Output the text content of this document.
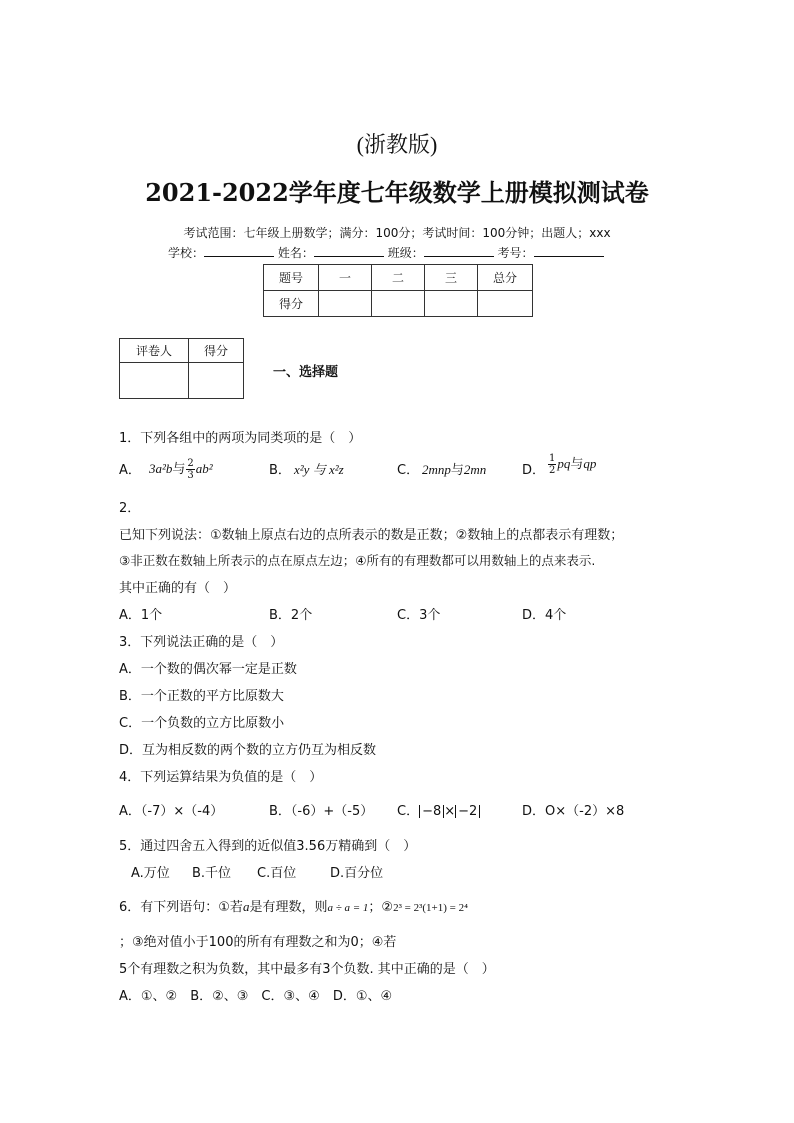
(浙教版)
2021-2022学年度七年级数学上册模拟测试卷
考试范围：七年级上册数学；满分：100分；考试时间：100分钟；出题人；xxx
学校：	姓名：	班级：	考号：
题号	一	二	三	总分
得分				
评卷人	得分

一、选择题
1．下列各组中的两项为同类项的是（　）
A． 3a²b与 $\frac{2}{3} ab^2$	B． x²y 与 x²z	C． 2mnp与2mn	D． $\frac{1}{2}$ pq与qp
2．
已知下列说法：①数轴上原点右边的点所表示的数是正数；②数轴上的点都表示有理数；
③非正数在数轴上所表示的点在原点左边；④所有的有理数都可以用数轴上的点来表示.
其中正确的有（　）
A．1个	B．2个	C．3个	D．4个
3．下列说法正确的是（　）
A．一个数的偶次幂一定是正数
B．一个正数的平方比原数大
C．一个负数的立方比原数小
D．互为相反数的两个数的立方仍互为相反数
4．下列运算结果为负值的是（　）
A．（-7）×（-4）	B．（-6）+（-5） C． −8 × −2	D．O×（-2）×8
5．通过四舍五入得到的近似值3.56万精确到（　）
A.万位 B.千位 C.百位	D.百分位
6．有下列语句：①若a是有理数，则a ÷ a = 1；②2³ = 2³(1+1) = 2⁴
；③绝对值小于100的所有有理数之和为0；④若
5个有理数之积为负数，其中最多有3个负数. 其中正确的是（　）
A．①、②　B．②、③　C．③、④　D．①、④
